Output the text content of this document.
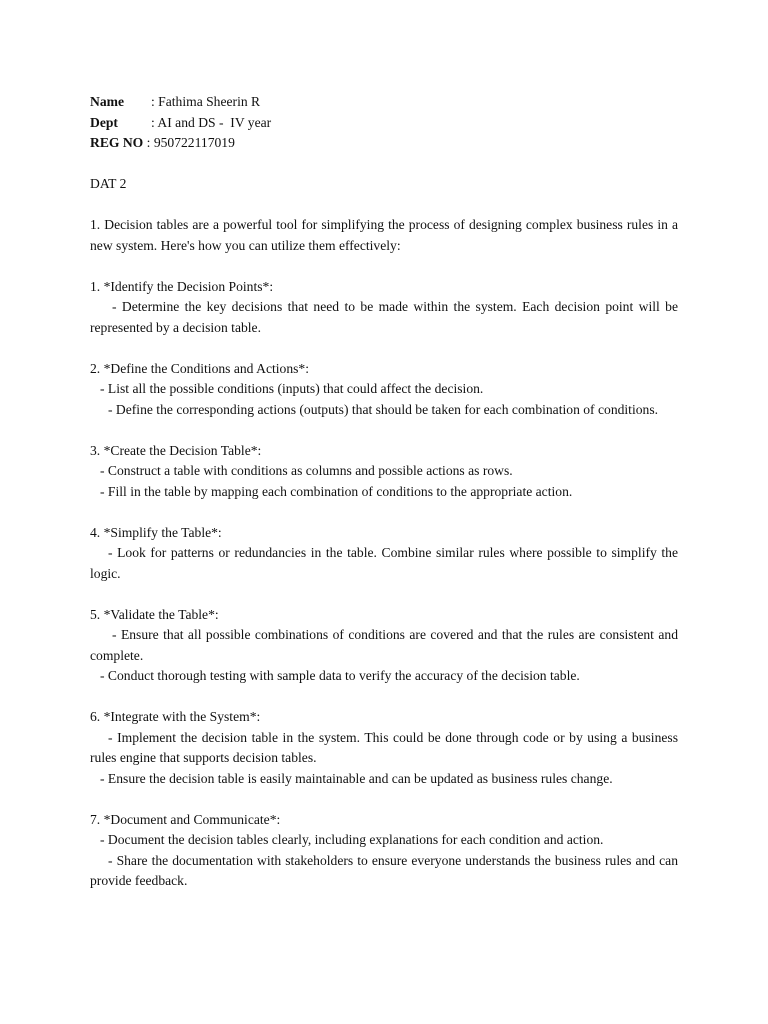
Name : Fathima Sheerin R
Dept : AI and DS -  IV year
REG NO : 950722117019
DAT 2
1. Decision tables are a powerful tool for simplifying the process of designing complex business rules in a new system. Here's how you can utilize them effectively:
1. *Identify the Decision Points*:
- Determine the key decisions that need to be made within the system. Each decision point will be represented by a decision table.
2. *Define the Conditions and Actions*:
- List all the possible conditions (inputs) that could affect the decision.
- Define the corresponding actions (outputs) that should be taken for each combination of conditions.
3. *Create the Decision Table*:
- Construct a table with conditions as columns and possible actions as rows.
- Fill in the table by mapping each combination of conditions to the appropriate action.
4. *Simplify the Table*:
- Look for patterns or redundancies in the table. Combine similar rules where possible to simplify the logic.
5. *Validate the Table*:
- Ensure that all possible combinations of conditions are covered and that the rules are consistent and complete.
- Conduct thorough testing with sample data to verify the accuracy of the decision table.
6. *Integrate with the System*:
- Implement the decision table in the system. This could be done through code or by using a business rules engine that supports decision tables.
- Ensure the decision table is easily maintainable and can be updated as business rules change.
7. *Document and Communicate*:
- Document the decision tables clearly, including explanations for each condition and action.
- Share the documentation with stakeholders to ensure everyone understands the business rules and can provide feedback.
